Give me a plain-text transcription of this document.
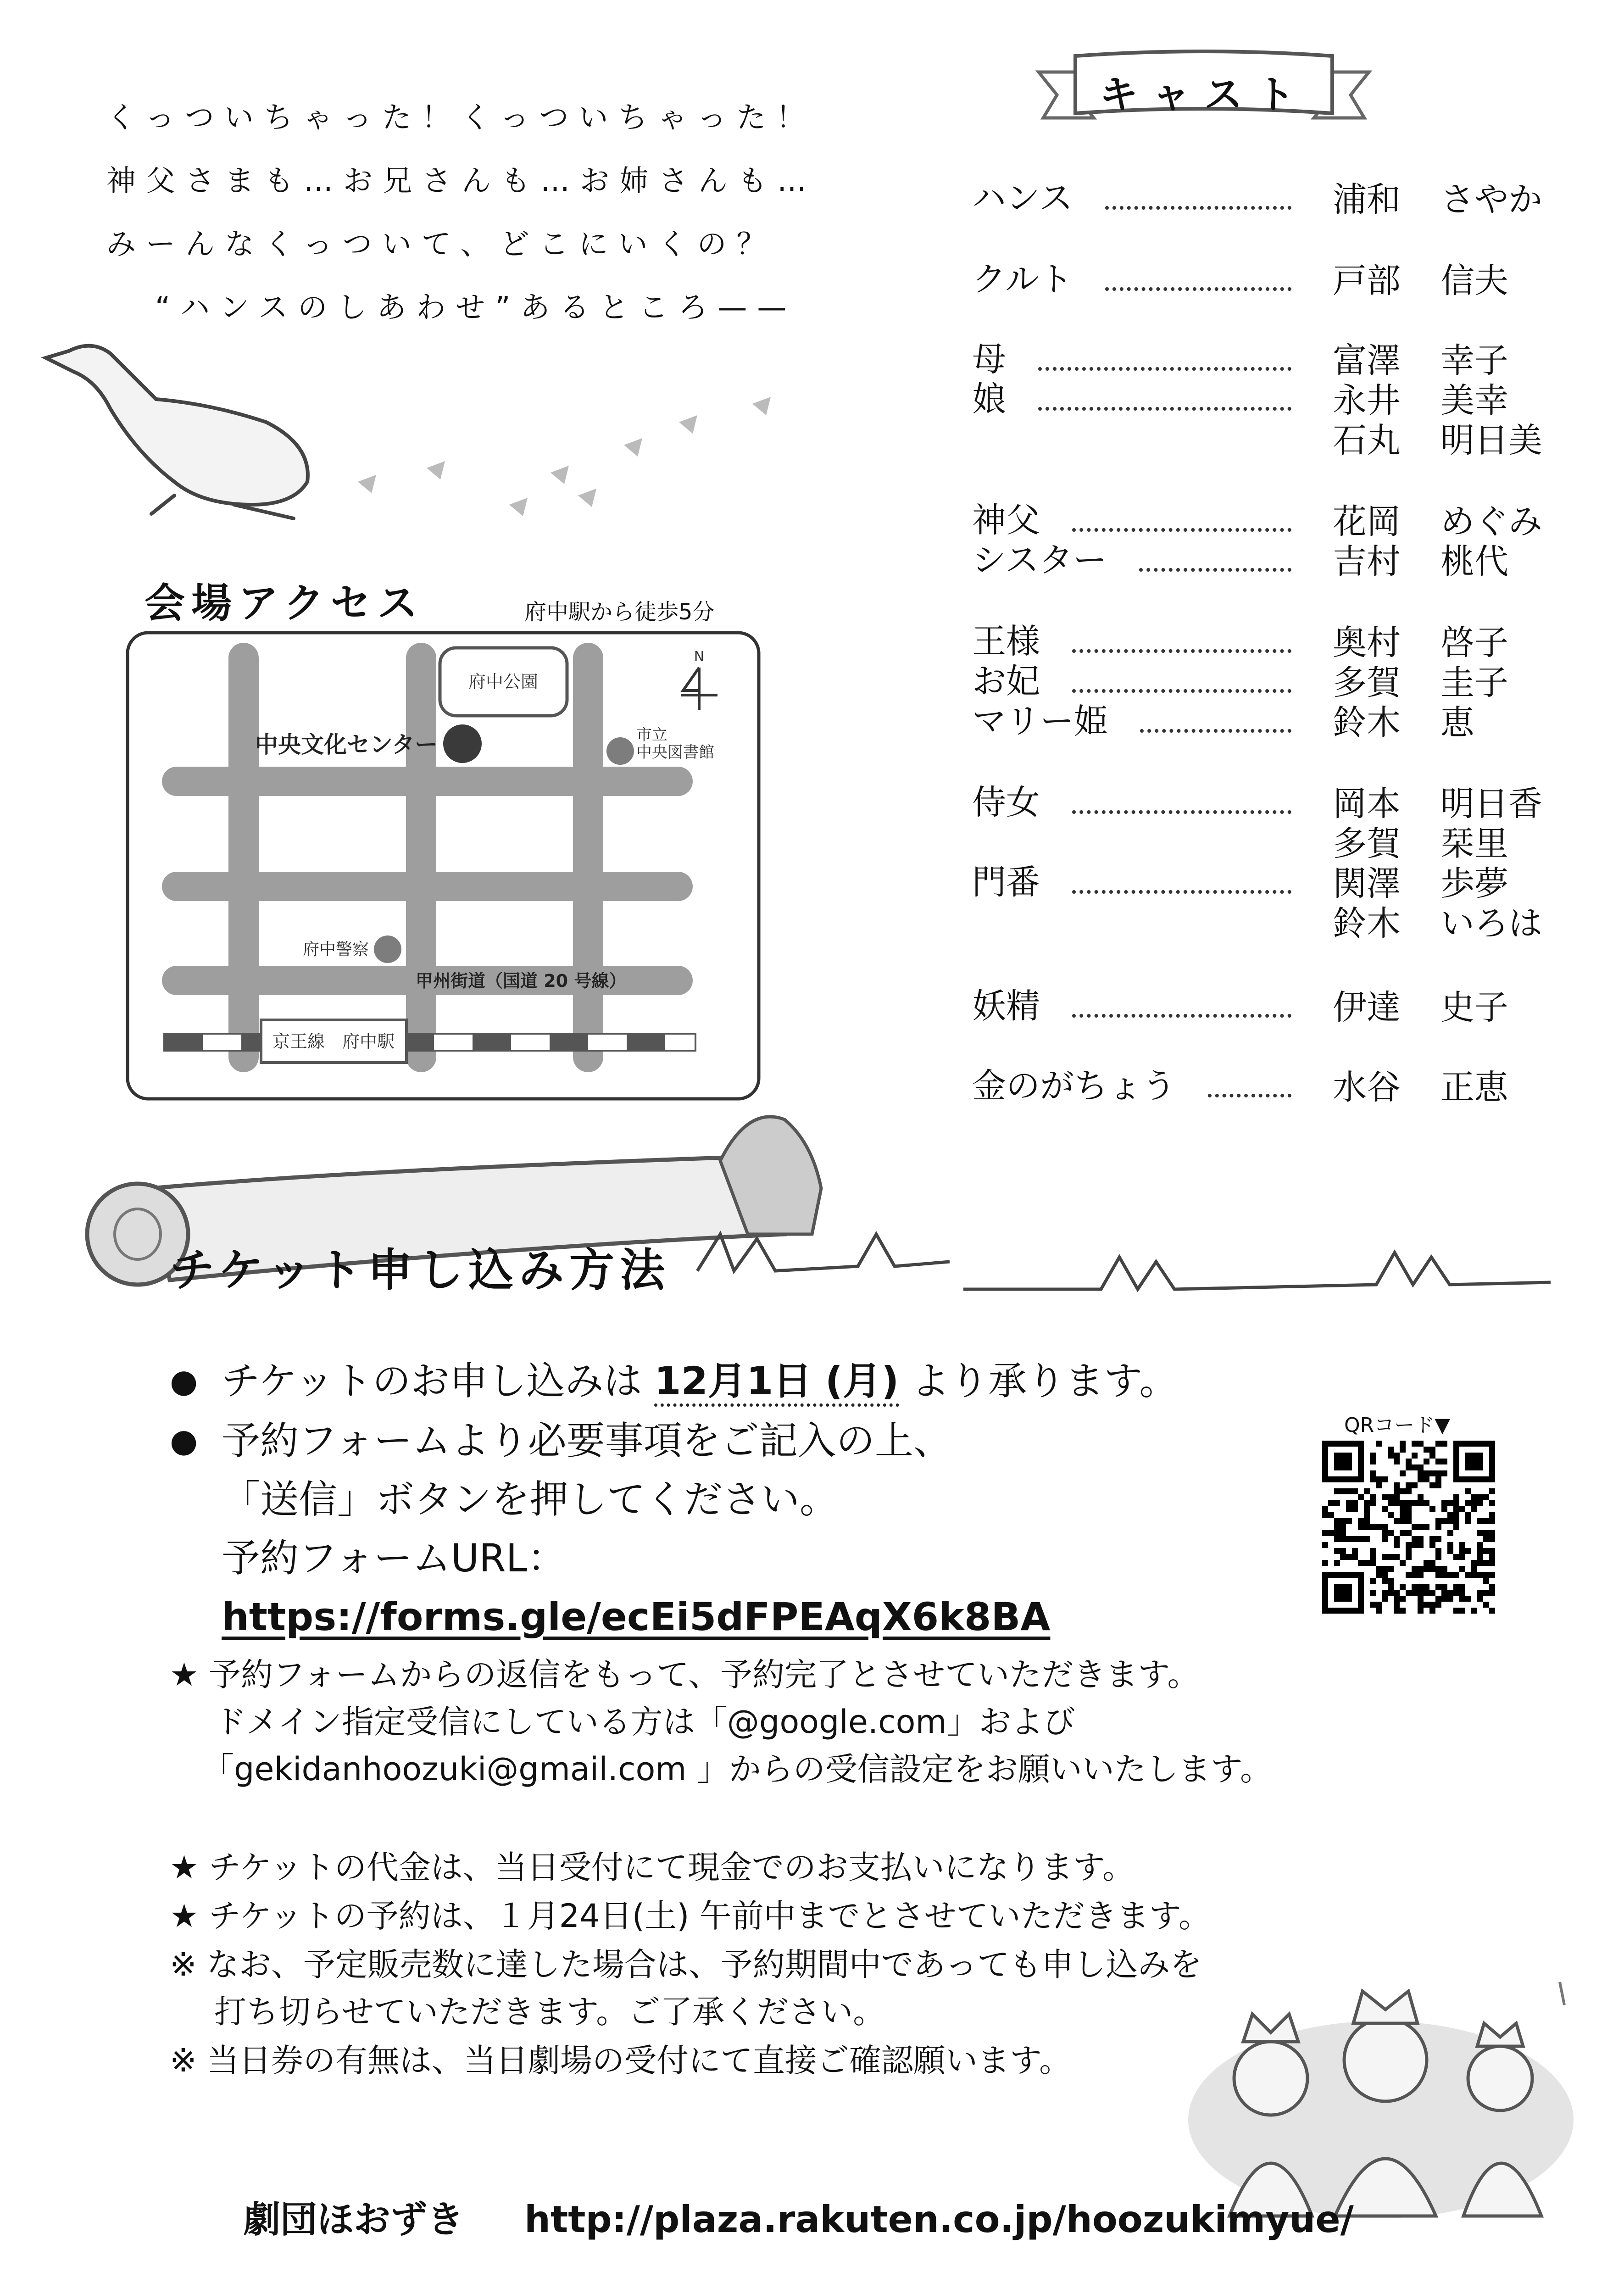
くっついちゃった！くっついちゃった！
神父さまも…お兄さんも…お姉さんも…
みーんなくっついて、どこにいくの？
“ハンスのしあわせ”あるところ——
キャスト
ハンス	浦和 さやか
クルト	戸部 信夫
母	富澤 幸子
娘	永井 美幸
石丸 明日美
神父	花岡 めぐみ
シスター	吉村 桃代
王様	奥村 啓子
お妃	多賀 圭子
マリー姫	鈴木 恵
侍女	岡本 明日香
多賀 栞里
門番	関澤 歩夢
鈴木 いろは
妖精	伊達 史子
金のがちょう	水谷 正恵
会場アクセス	府中駅から徒歩5分
京王線　府中駅
府中公園
中央文化センター	市立
中央図書館
府中警察
甲州街道（国道 20 号線）
N
チケット申し込み方法
● チケットのお申し込みは 12月1日 (月) より承ります。
● 予約フォームより必要事項をご記入の上、
「送信」ボタンを押してください。
予約フォームURL：
https://forms.gle/ecEi5dFPEAqX6k8BA
QRコード▼
★ 予約フォームからの返信をもって、予約完了とさせていただきます。
ドメイン指定受信にしている方は「@google.com」および
「gekidanhoozuki@gmail.com 」からの受信設定をお願いいたします。
★ チケットの代金は、当日受付にて現金でのお支払いになります。
★ チケットの予約は、１月24日(土) 午前中までとさせていただきます。
※ なお、予定販売数に達した場合は、予約期間中であっても申し込みを
打ち切らせていただきます。ご了承ください。
※ 当日券の有無は、当日劇場の受付にて直接ご確認願います。
劇団ほおずき http://plaza.rakuten.co.jp/hoozukimyue/
